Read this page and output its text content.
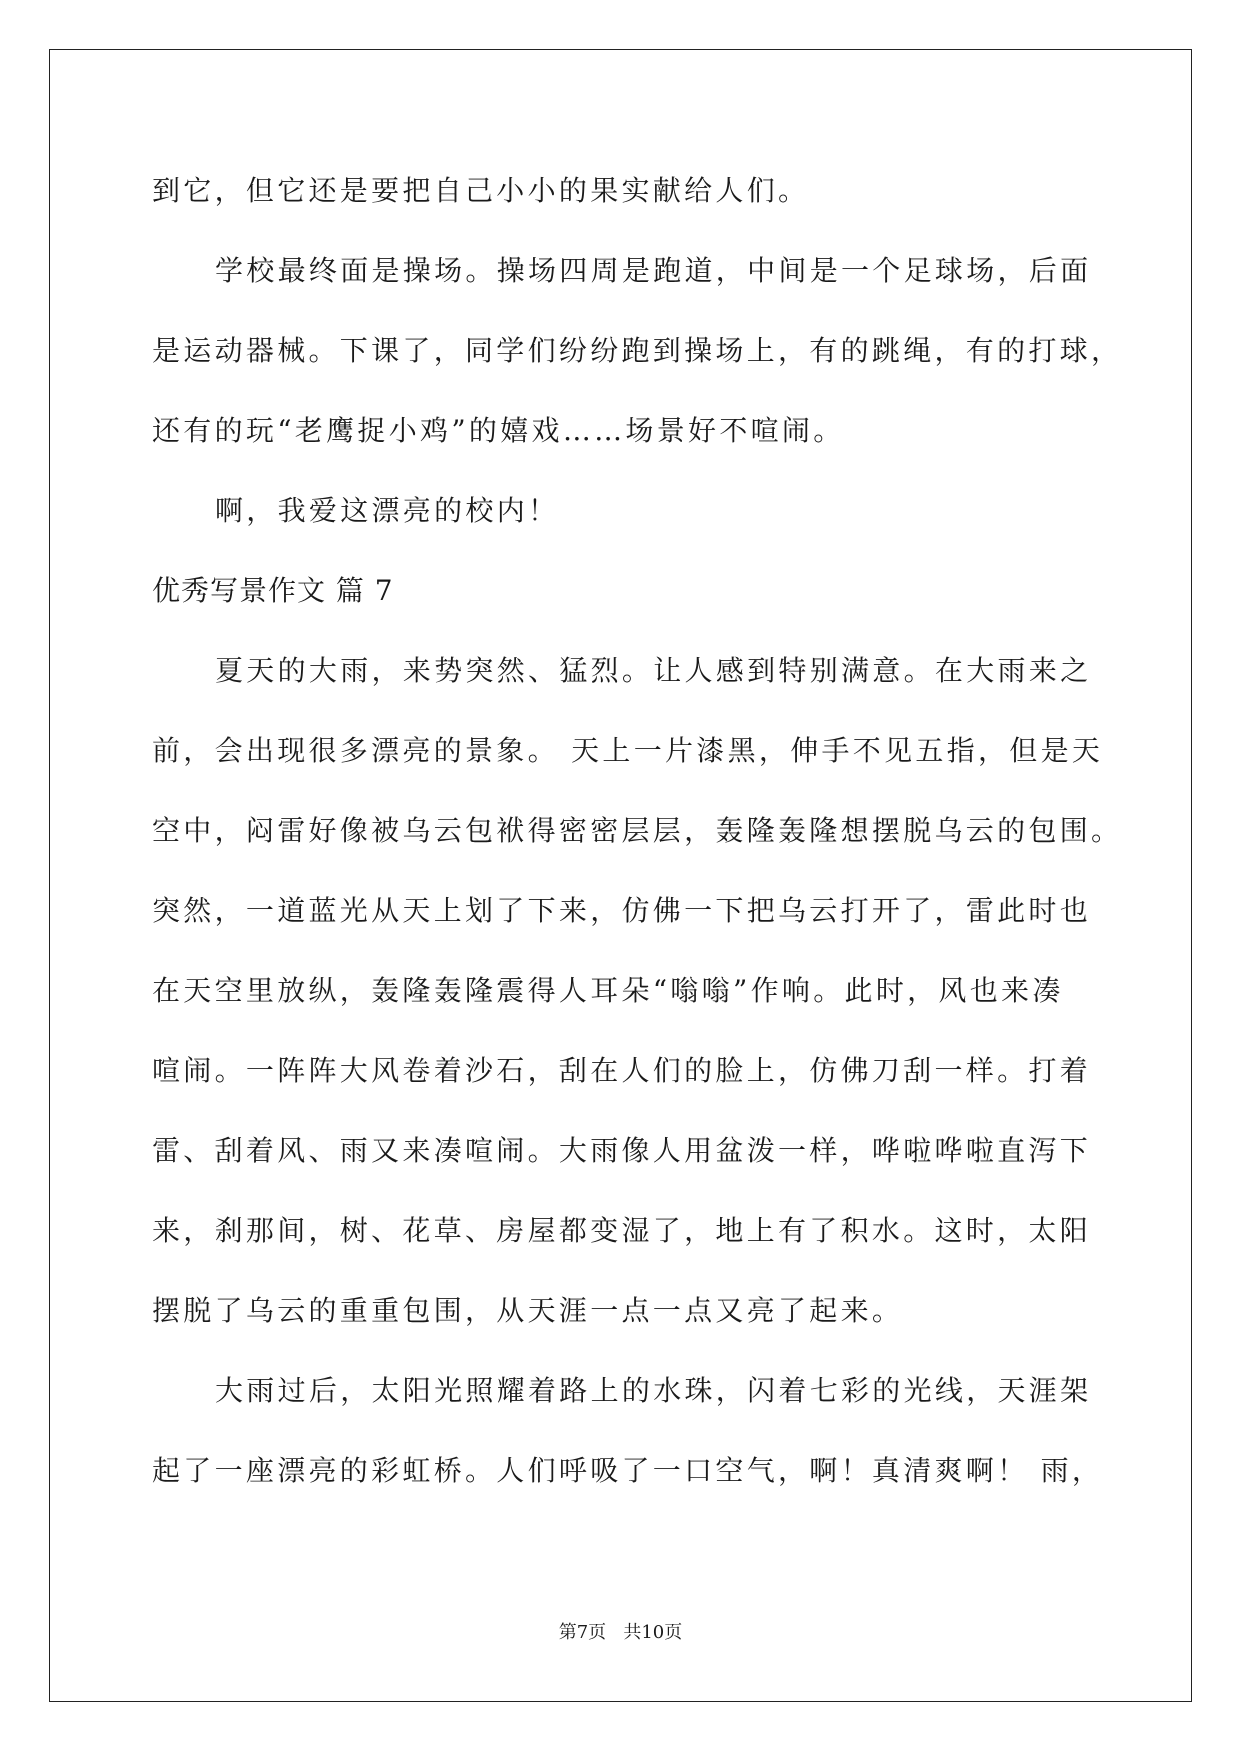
到它，但它还是要把自己小小的果实献给人们。
学校最终面是操场。操场四周是跑道，中间是一个足球场，后面
是运动器械。下课了，同学们纷纷跑到操场上，有的跳绳，有的打球，
还有的玩“老鹰捉小鸡”的嬉戏……场景好不喧闹。
啊，我爱这漂亮的校内！
优秀写景作文 篇 7
夏天的大雨，来势突然、猛烈。让人感到特别满意。在大雨来之
前，会出现很多漂亮的景象。 天上一片漆黑，伸手不见五指，但是天
空中，闷雷好像被乌云包袱得密密层层，轰隆轰隆想摆脱乌云的包围。
突然，一道蓝光从天上划了下来，仿佛一下把乌云打开了，雷此时也
在天空里放纵，轰隆轰隆震得人耳朵“嗡嗡”作响。此时，风也来凑
喧闹。一阵阵大风卷着沙石，刮在人们的脸上，仿佛刀刮一样。打着
雷、刮着风、雨又来凑喧闹。大雨像人用盆泼一样，哗啦哗啦直泻下
来，刹那间，树、花草、房屋都变湿了，地上有了积水。这时，太阳
摆脱了乌云的重重包围，从天涯一点一点又亮了起来。
大雨过后，太阳光照耀着路上的水珠，闪着七彩的光线，天涯架
起了一座漂亮的彩虹桥。人们呼吸了一口空气，啊！真清爽啊！ 雨，
第7页   共10页
